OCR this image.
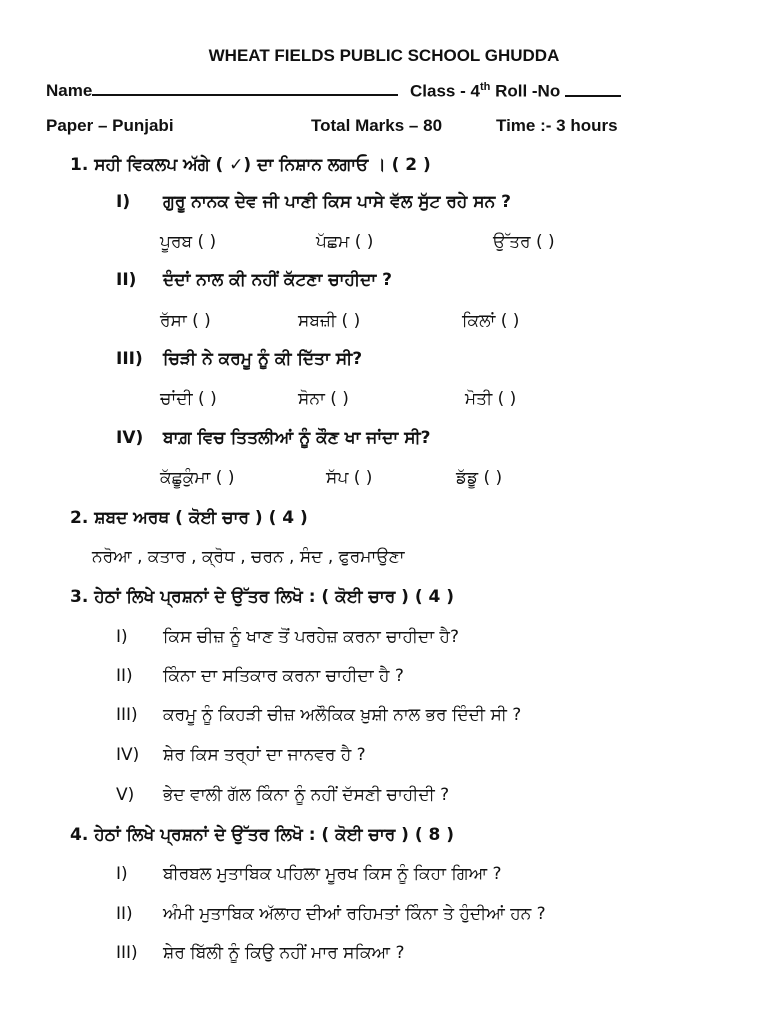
WHEAT FIELDS PUBLIC SCHOOL GHUDDA
Name	Class - 4th Roll -No
Paper – Punjabi	Total Marks – 80	Time :- 3 hours
1. ਸਹੀ ਵਿਕਲਪ ਅੱਗੇ ( ✓) ਦਾ ਨਿਸ਼ਾਨ ਲਗਾਓ । ( 2 )
I) ਗੁਰੂ ਨਾਨਕ ਦੇਵ ਜੀ ਪਾਣੀ ਕਿਸ ਪਾਸੇ ਵੱਲ ਸੁੱਟ ਰਹੇ ਸਨ ?
ਪੂਰਬ ( )	ਪੱਛਮ ( )	ਉੱਤਰ ( )
II) ਦੰਦਾਂ ਨਾਲ ਕੀ ਨਹੀਂ ਕੱਟਣਾ ਚਾਹੀਦਾ ?
ਰੱਸਾ ( )	ਸਬਜ਼ੀ ( )	ਕਿਲਾਂ ( )
III) ਚਿੜੀ ਨੇ ਕਰਮੂ ਨੂੰ ਕੀ ਦਿੱਤਾ ਸੀ?
ਚਾਂਦੀ ( )	ਸੋਨਾ ( )	ਮੋਤੀ ( )
IV) ਬਾਗ਼ ਵਿਚ ਤਿਤਲੀਆਂ ਨੂੰ ਕੌਣ ਖਾ ਜਾਂਦਾ ਸੀ?
ਕੱਛੂਕੁੰਮਾ ( )	ਸੱਪ ( )	ਡੱਡੂ ( )
2. ਸ਼ਬਦ ਅਰਥ ( ਕੋਈ ਚਾਰ ) ( 4 )
ਨਰੋਆ , ਕਤਾਰ , ਕ੍ਰੋਧ , ਚਰਨ , ਸੰਦ , ਫੁਰਮਾਉਣਾ
3. ਹੇਠਾਂ ਲਿਖੇ ਪ੍ਰਸ਼ਨਾਂ ਦੇ ਉੱਤਰ ਲਿਖੋ : ( ਕੋਈ ਚਾਰ ) ( 4 )
I) ਕਿਸ ਚੀਜ਼ ਨੂੰ ਖਾਣ ਤੋਂ ਪਰਹੇਜ਼ ਕਰਨਾ ਚਾਹੀਦਾ ਹੈ?
II) ਕਿੰਨਾ ਦਾ ਸਤਿਕਾਰ ਕਰਨਾ ਚਾਹੀਦਾ ਹੈ ?
III) ਕਰਮੂ ਨੂੰ ਕਿਹੜੀ ਚੀਜ਼ ਅਲੌਕਿਕ ਖ਼ੁਸ਼ੀ ਨਾਲ ਭਰ ਦਿੰਦੀ ਸੀ ?
IV) ਸ਼ੇਰ ਕਿਸ ਤਰ੍ਹਾਂ ਦਾ ਜਾਨਵਰ ਹੈ ?
V) ਭੇਦ ਵਾਲੀ ਗੱਲ ਕਿੰਨਾ ਨੂੰ ਨਹੀਂ ਦੱਸਣੀ ਚਾਹੀਦੀ ?
4. ਹੇਠਾਂ ਲਿਖੇ ਪ੍ਰਸ਼ਨਾਂ ਦੇ ਉੱਤਰ ਲਿਖੋ : ( ਕੋਈ ਚਾਰ ) ( 8 )
I) ਬੀਰਬਲ ਮੁਤਾਬਿਕ ਪਹਿਲਾ ਮੂਰਖ ਕਿਸ ਨੂੰ ਕਿਹਾ ਗਿਆ ?
II) ਅੰਮੀ ਮੁਤਾਬਿਕ ਅੱਲਾਹ ਦੀਆਂ ਰਹਿਮਤਾਂ ਕਿੰਨਾ ਤੇ ਹੁੰਦੀਆਂ ਹਨ ?
III) ਸ਼ੇਰ ਬਿੱਲੀ ਨੂੰ ਕਿਉ ਨਹੀਂ ਮਾਰ ਸਕਿਆ ?
